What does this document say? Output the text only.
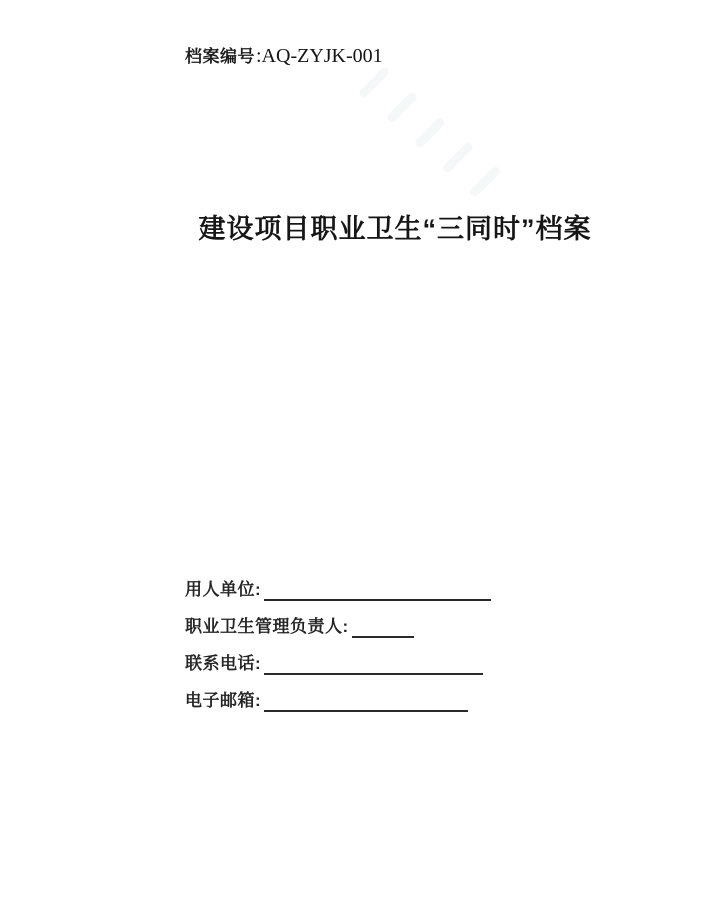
档案编号 :AQ-ZYJK-001
建设项目职业卫生“三同时”档案
用人单位:
职业卫生管理负责人:
联系电话:
电子邮箱:
